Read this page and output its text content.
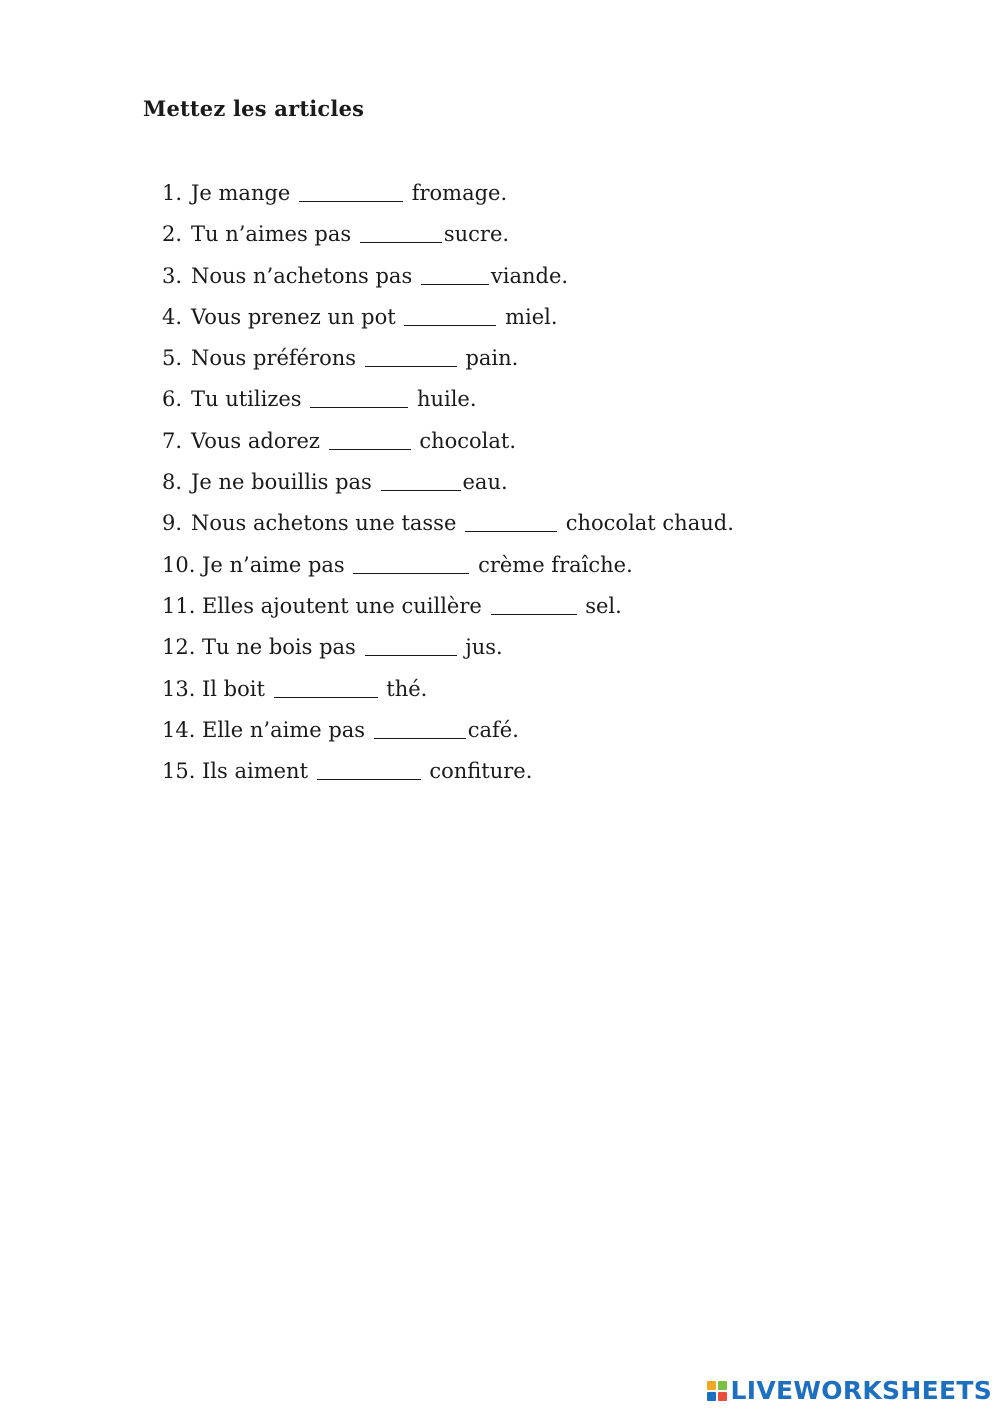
Mettez les articles
1. Je mange	fromage.
2. Tu n’aimes pas	sucre.
3. Nous n’achetons pas	viande.
4. Vous prenez un pot	miel.
5. Nous préférons	pain.
6. Tu utilizes	huile.
7. Vous adorez	chocolat.
8. Je ne bouillis pas	eau.
9. Nous achetons une tasse	chocolat chaud.
10. Je n’aime pas	crème fraîche.
11. Elles ajoutent une cuillère	sel.
12. Tu ne bois pas	jus.
13. Il boit	thé.
14. Elle n’aime pas	café.
15. Ils aiment	confiture.
LIVEWORKSHEETS
